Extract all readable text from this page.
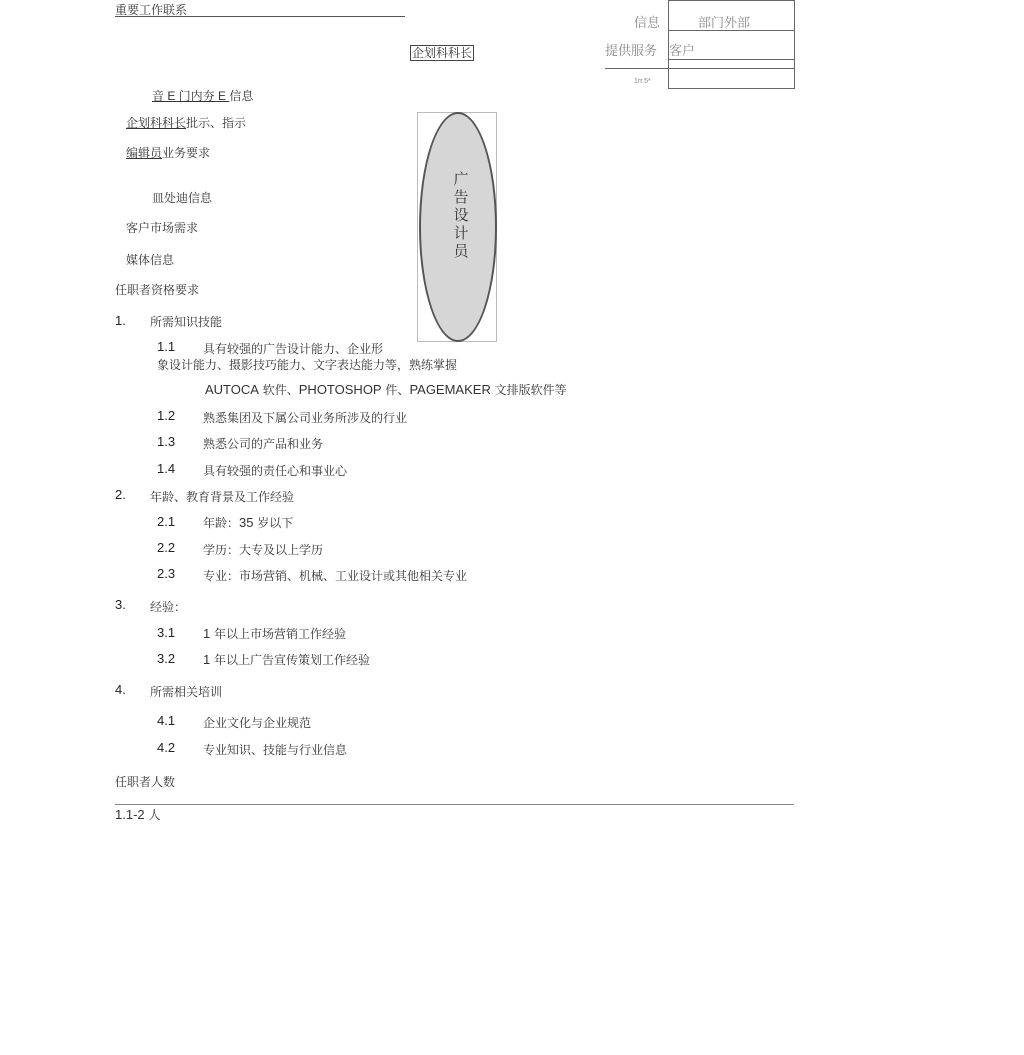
重要工作联系
信息	部门外部
提供服务 客户
1rr.5*
企划科科长
音 E 门内夯 E 信息
企划科科长批示、指示
编辑员业务要求
皿处迪信息
客户市场需求
媒体信息
广告设计员
任职者资格要求
1. 所需知识技能
1.1 具有较强的广告设计能力、企业形
象设计能力、摄影技巧能力、文字表达能力等，熟练掌握
AUTOCA 软件、PHOTOSHOP 件、PAGEMAKER 文排版软件等
1.2 熟悉集团及下属公司业务所涉及的行业
1.3 熟悉公司的产品和业务
1.4 具有较强的责任心和事业心
2. 年龄、教育背景及工作经验
2.1 年龄：35 岁以下
2.2 学历：大专及以上学历
2.3 专业：市场营销、机械、工业设计或其他相关专业
3. 经验：
3.1 1 年以上市场营销工作经验
3.2 1 年以上广告宣传策划工作经验
4. 所需相关培训
4.1 企业文化与企业规范
4.2 专业知识、技能与行业信息
任职者人数
1.1-2 人
